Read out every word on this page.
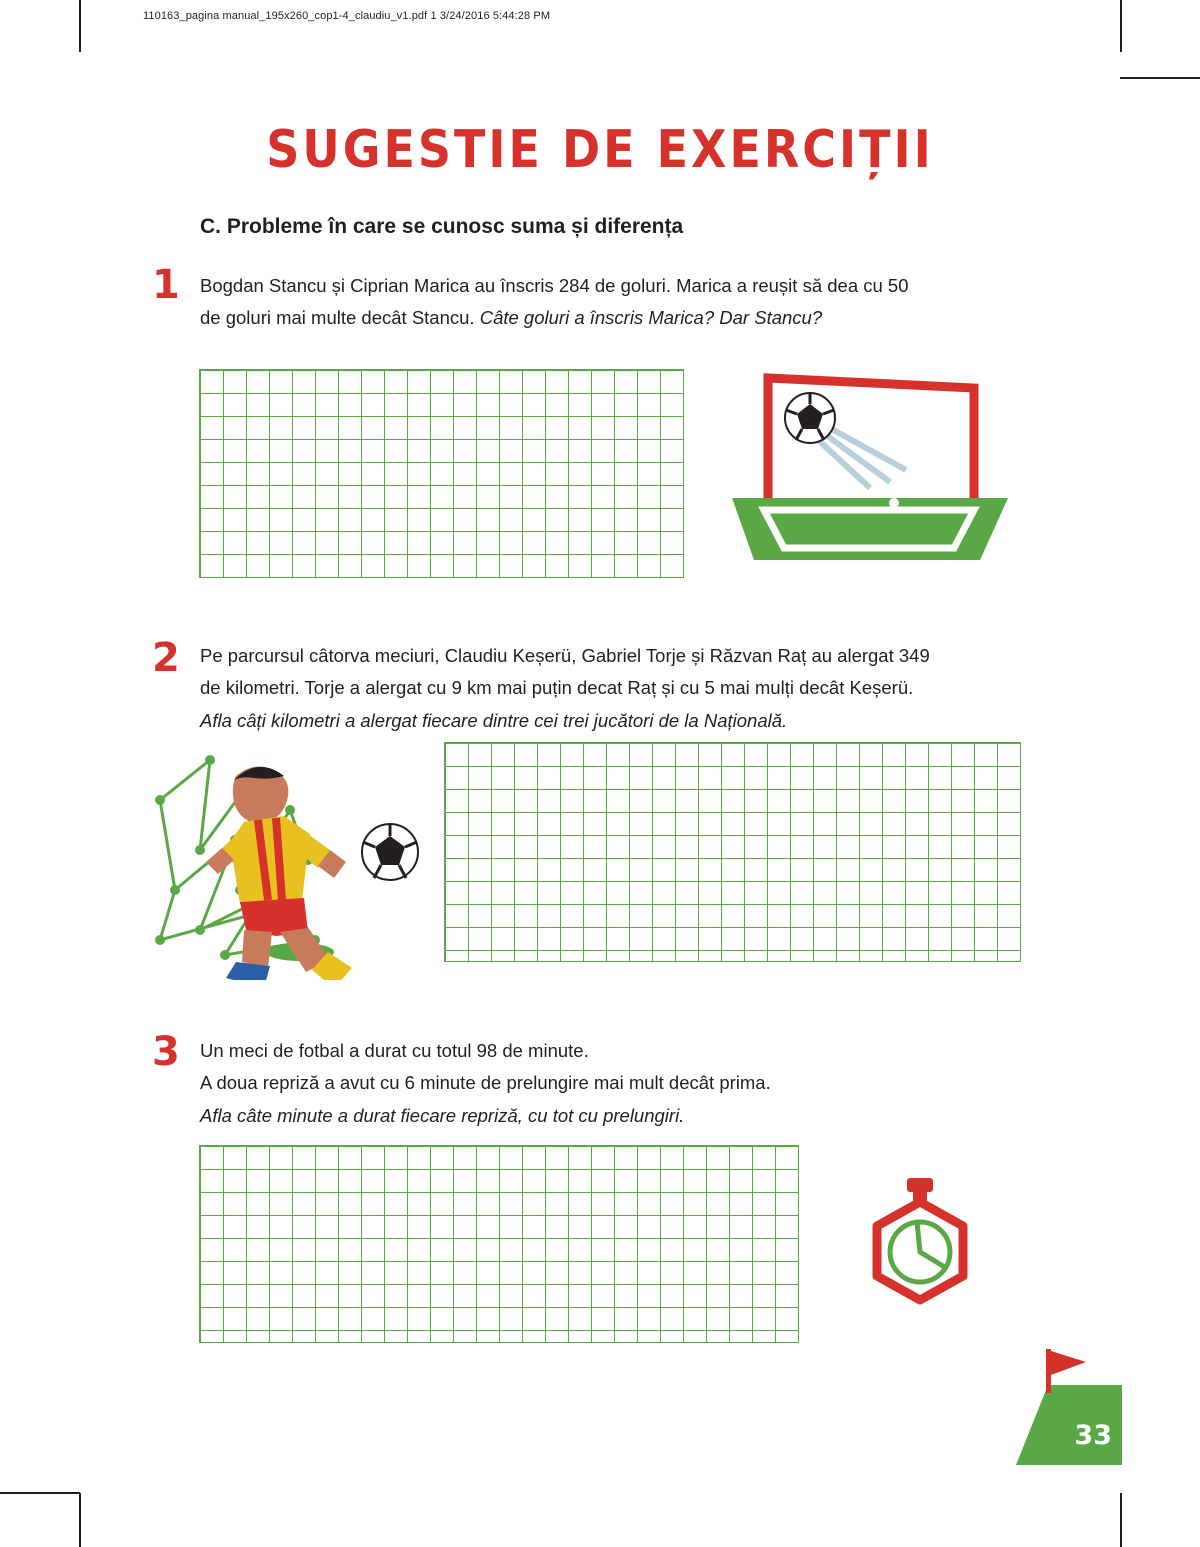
110163_pagina manual_195x260_cop1-4_claudiu_v1.pdf 1 3/24/2016 5:44:28 PM
SUGESTIE DE EXERCIȚII
C. Probleme în care se cunosc suma și diferența
1 Bogdan Stancu și Ciprian Marica au înscris 284 de goluri. Marica a reușit să dea cu 50
de goluri mai multe decât Stancu. Câte goluri a înscris Marica? Dar Stancu?
2 Pe parcursul câtorva meciuri, Claudiu Keșerü, Gabriel Torje și Răzvan Raț au alergat 349
de kilometri. Torje a alergat cu 9 km mai puțin decat Raț și cu 5 mai mulți decât Keșerü.
Afla câți kilometri a alergat fiecare dintre cei trei jucători de la Națională.
3 Un meci de fotbal a durat cu totul 98 de minute.
A doua repriză a avut cu 6 minute de prelungire mai mult decât prima.
Afla câte minute a durat fiecare repriză, cu tot cu prelungiri.
33
